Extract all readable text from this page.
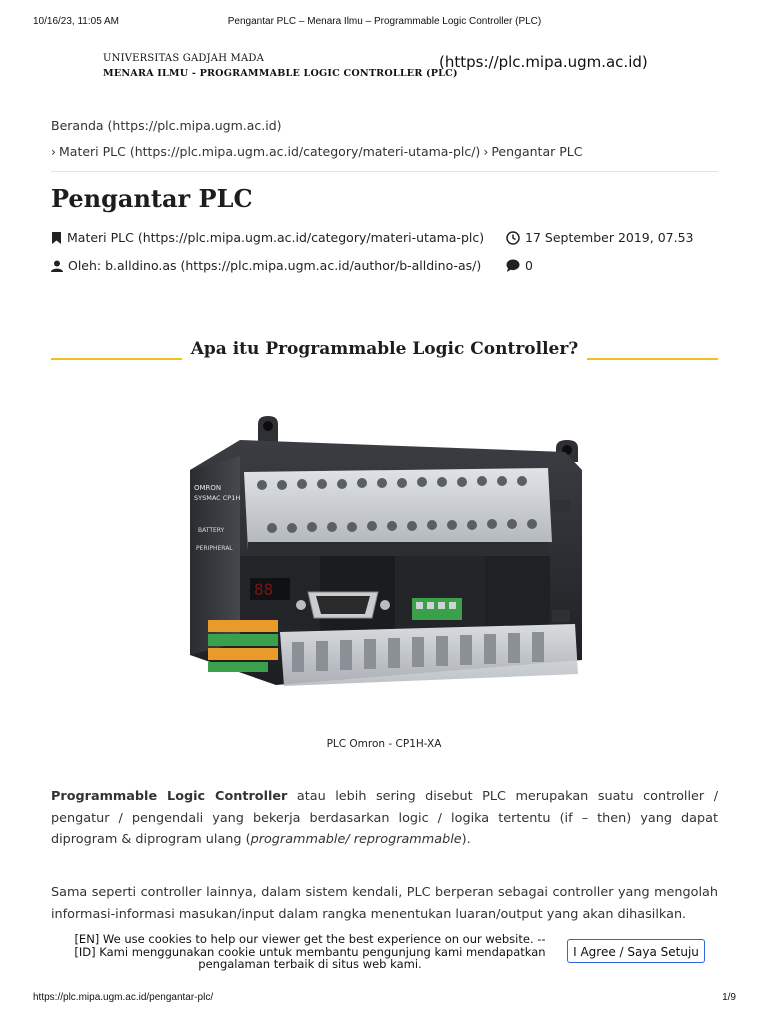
10/16/23, 11:05 AM	Pengantar PLC – Menara Ilmu – Programmable Logic Controller (PLC)
UNIVERSITAS GADJAH MADA
MENARA ILMU - PROGRAMMABLE LOGIC CONTROLLER (PLC)
(https://plc.mipa.ugm.ac.id)
Beranda (https://plc.mipa.ugm.ac.id)
› Materi PLC (https://plc.mipa.ugm.ac.id/category/materi-utama-plc/) › Pengantar PLC
Pengantar PLC
Materi PLC (https://plc.mipa.ugm.ac.id/category/materi-utama-plc)	17 September 2019, 07.53
Oleh: b.alldino.as (https://plc.mipa.ugm.ac.id/author/b-alldino-as/)	0
Apa itu Programmable Logic Controller?
88
OMRON
SYSMAC CP1H
BATTERY
PERIPHERAL
PLC Omron - CP1H-XA

Programmable Logic Controller atau lebih sering disebut PLC merupakan suatu controller / pengatur / pengendali yang bekerja berdasarkan logic / logika tertentu (if – then) yang dapat diprogram & diprogram ulang (programmable/ reprogrammable).

Sama seperti controller lainnya, dalam sistem kendali, PLC berperan sebagai controller yang mengolah informasi-informasi masukan/input dalam rangka menentukan luaran/output yang akan dihasilkan.

[EN] We use cookies to help our viewer get the best experience on our website. --
[ID] Kami menggunakan cookie untuk membantu pengunjung kami mendapatkan pengalaman terbaik di situs web kami.
I Agree / Saya Setuju
https://plc.mipa.ugm.ac.id/pengantar-plc/	1/9
